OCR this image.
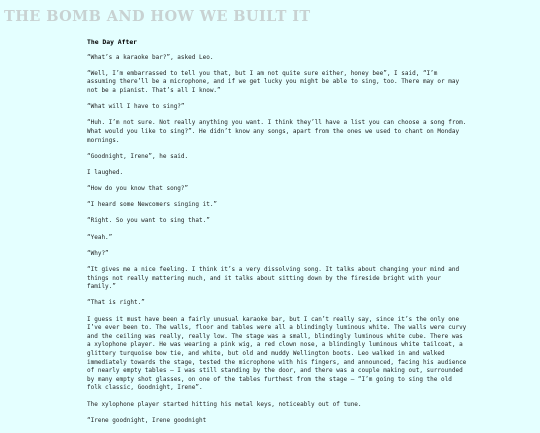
THE BOMB AND HOW WE BUILT IT
The Day After

“What’s a karaoke bar?”, asked Leo.

“Well, I’m embarrassed to tell you that, but I am not quite sure either, honey bee”, I said, “I’m assuming there’ll be a microphone, and if we get lucky you might be able to sing, too. There may or may not be a pianist. That’s all I know.”

“What will I have to sing?”

“Huh. I’m not sure. Not really anything you want. I think they’ll have a list you can choose a song from. What would you like to sing?”. He didn’t know any songs, apart from the ones we used to chant on Monday mornings.

“Goodnight, Irene”, he said.

I laughed.

“How do you know that song?”

“I heard some Newcomers singing it.”

“Right. So you want to sing that.”

“Yeah.”

“Why?”

“It gives me a nice feeling. I think it’s a very dissolving song. It talks about changing your mind and things not really mattering much, and it talks about sitting down by the fireside bright with your family.”

“That is right.”

I guess it must have been a fairly unusual karaoke bar, but I can’t really say, since it’s the only one I’ve ever been to. The walls, floor and tables were all a blindingly luminous white. The walls were curvy and the ceiling was really, really low. The stage was a small, blindingly luminous white cube. There was a xylophone player. He was wearing a pink wig, a red clown nose, a blindingly luminous white tailcoat, a glittery turquoise bow tie, and white, but old and muddy Wellington boots. Leo walked in and walked immediately towards the stage, tested the microphone with his fingers, and announced, facing his audience of nearly empty tables – I was still standing by the door, and there was a couple making out, surrounded by many empty shot glasses, on one of the tables furthest from the stage – “I’m going to sing the old folk classic, Goodnight, Irene”.

The xylophone player started hitting his metal keys, noticeably out of tune.

“Irene goodnight, Irene goodnight
